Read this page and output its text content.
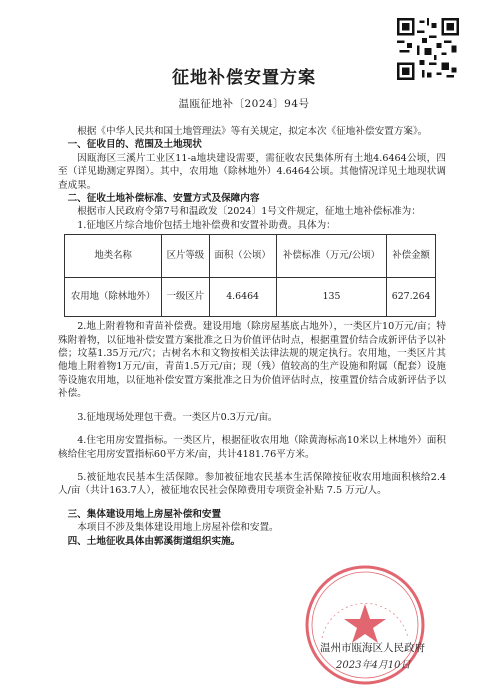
征地补偿安置方案
温瓯征地补〔2024〕94号

根据《中华人民共和国土地管理法》等有关规定，拟定本次《征地补偿安置方案》。

一、征收目的、范围及土地现状

因瓯海区三溪片工业区11-a地块建设需要，需征收农民集体所有土地4.6464公顷，四至（详见勘测定界图）。其中，农用地（除林地外）4.6464公顷。其他情况详见土地现状调查成果。

二、征收土地补偿标准、安置方式及保障内容

根据市人民政府令第7号和温政发〔2024〕1号文件规定，征地土地补偿标准为：

1.征地区片综合地价包括土地补偿费和安置补助费。具体为：

地类名称	区片等级	面积（公顷）	补偿标准（万元/公顷）	补偿金额
农用地（除林地外）	一级区片	4.6464	135	627.264

2.地上附着物和青苗补偿费。建设用地（除房屋基底占地外），一类区片10万元/亩；特殊附着物，以征地补偿安置方案批准之日为价值评估时点，根据重置价结合成新评估予以补偿；坟墓1.35万元/穴；古树名木和文物按相关法律法规的规定执行。农用地，一类区片其他地上附着物1万元/亩，青苗1.5万元/亩；现（残）值较高的生产设施和附属（配套）设施等设施农用地，以征地补偿安置方案批准之日为价值评估时点，按重置价结合成新评估予以补偿。

3.征地现场处理包干费。一类区片0.3万元/亩。

4.住宅用房安置指标。一类区片，根据征收农用地（除黄海标高10米以上林地外）面积核给住宅用房安置指标60平方米/亩，共计4181.76平方米。

5.被征地农民基本生活保障。参加被征地农民基本生活保障按征收农用地面积核给2.4人/亩（共计163.7人），被征地农民社会保障费用专项资金补贴 7.5 万元/人。

三、集体建设用地上房屋补偿和安置

本项目不涉及集体建设用地上房屋补偿和安置。

四、土地征收具体由郭溪街道组织实施。

温州市瓯海区人民政府
2023年4月10日
